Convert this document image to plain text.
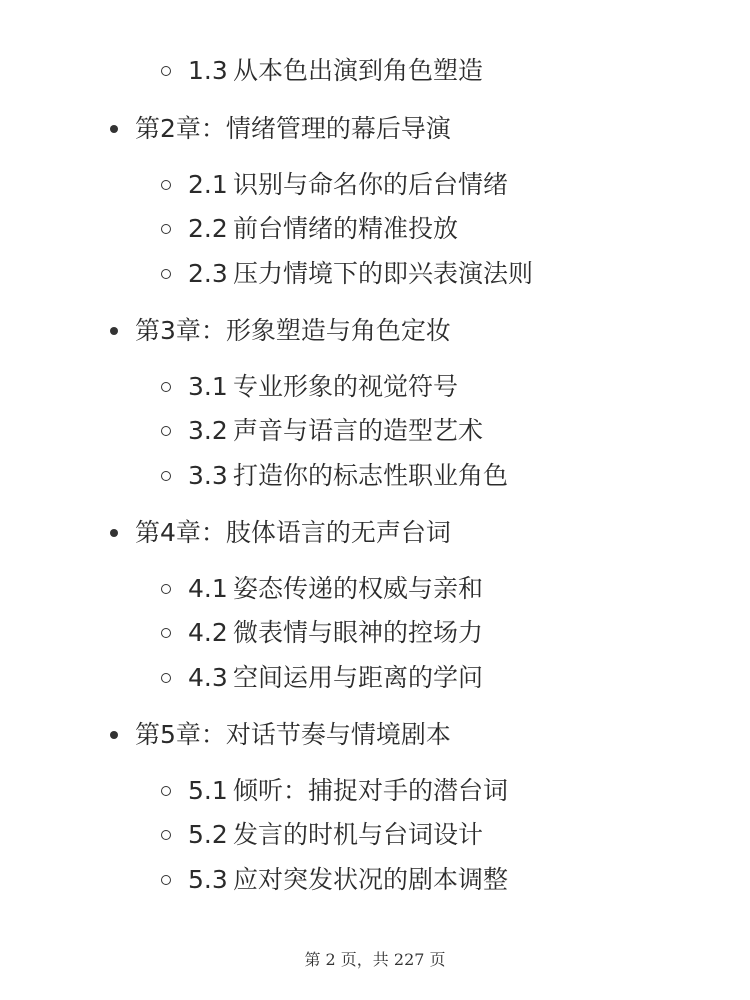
1.3 从本色出演到角色塑造
第2章：情绪管理的幕后导演
2.1 识别与命名你的后台情绪
2.2 前台情绪的精准投放
2.3 压力情境下的即兴表演法则
第3章：形象塑造与角色定妆
3.1 专业形象的视觉符号
3.2 声音与语言的造型艺术
3.3 打造你的标志性职业角色
第4章：肢体语言的无声台词
4.1 姿态传递的权威与亲和
4.2 微表情与眼神的控场力
4.3 空间运用与距离的学问
第5章：对话节奏与情境剧本
5.1 倾听：捕捉对手的潜台词
5.2 发言的时机与台词设计
5.3 应对突发状况的剧本调整
第 2 页，共 227 页
